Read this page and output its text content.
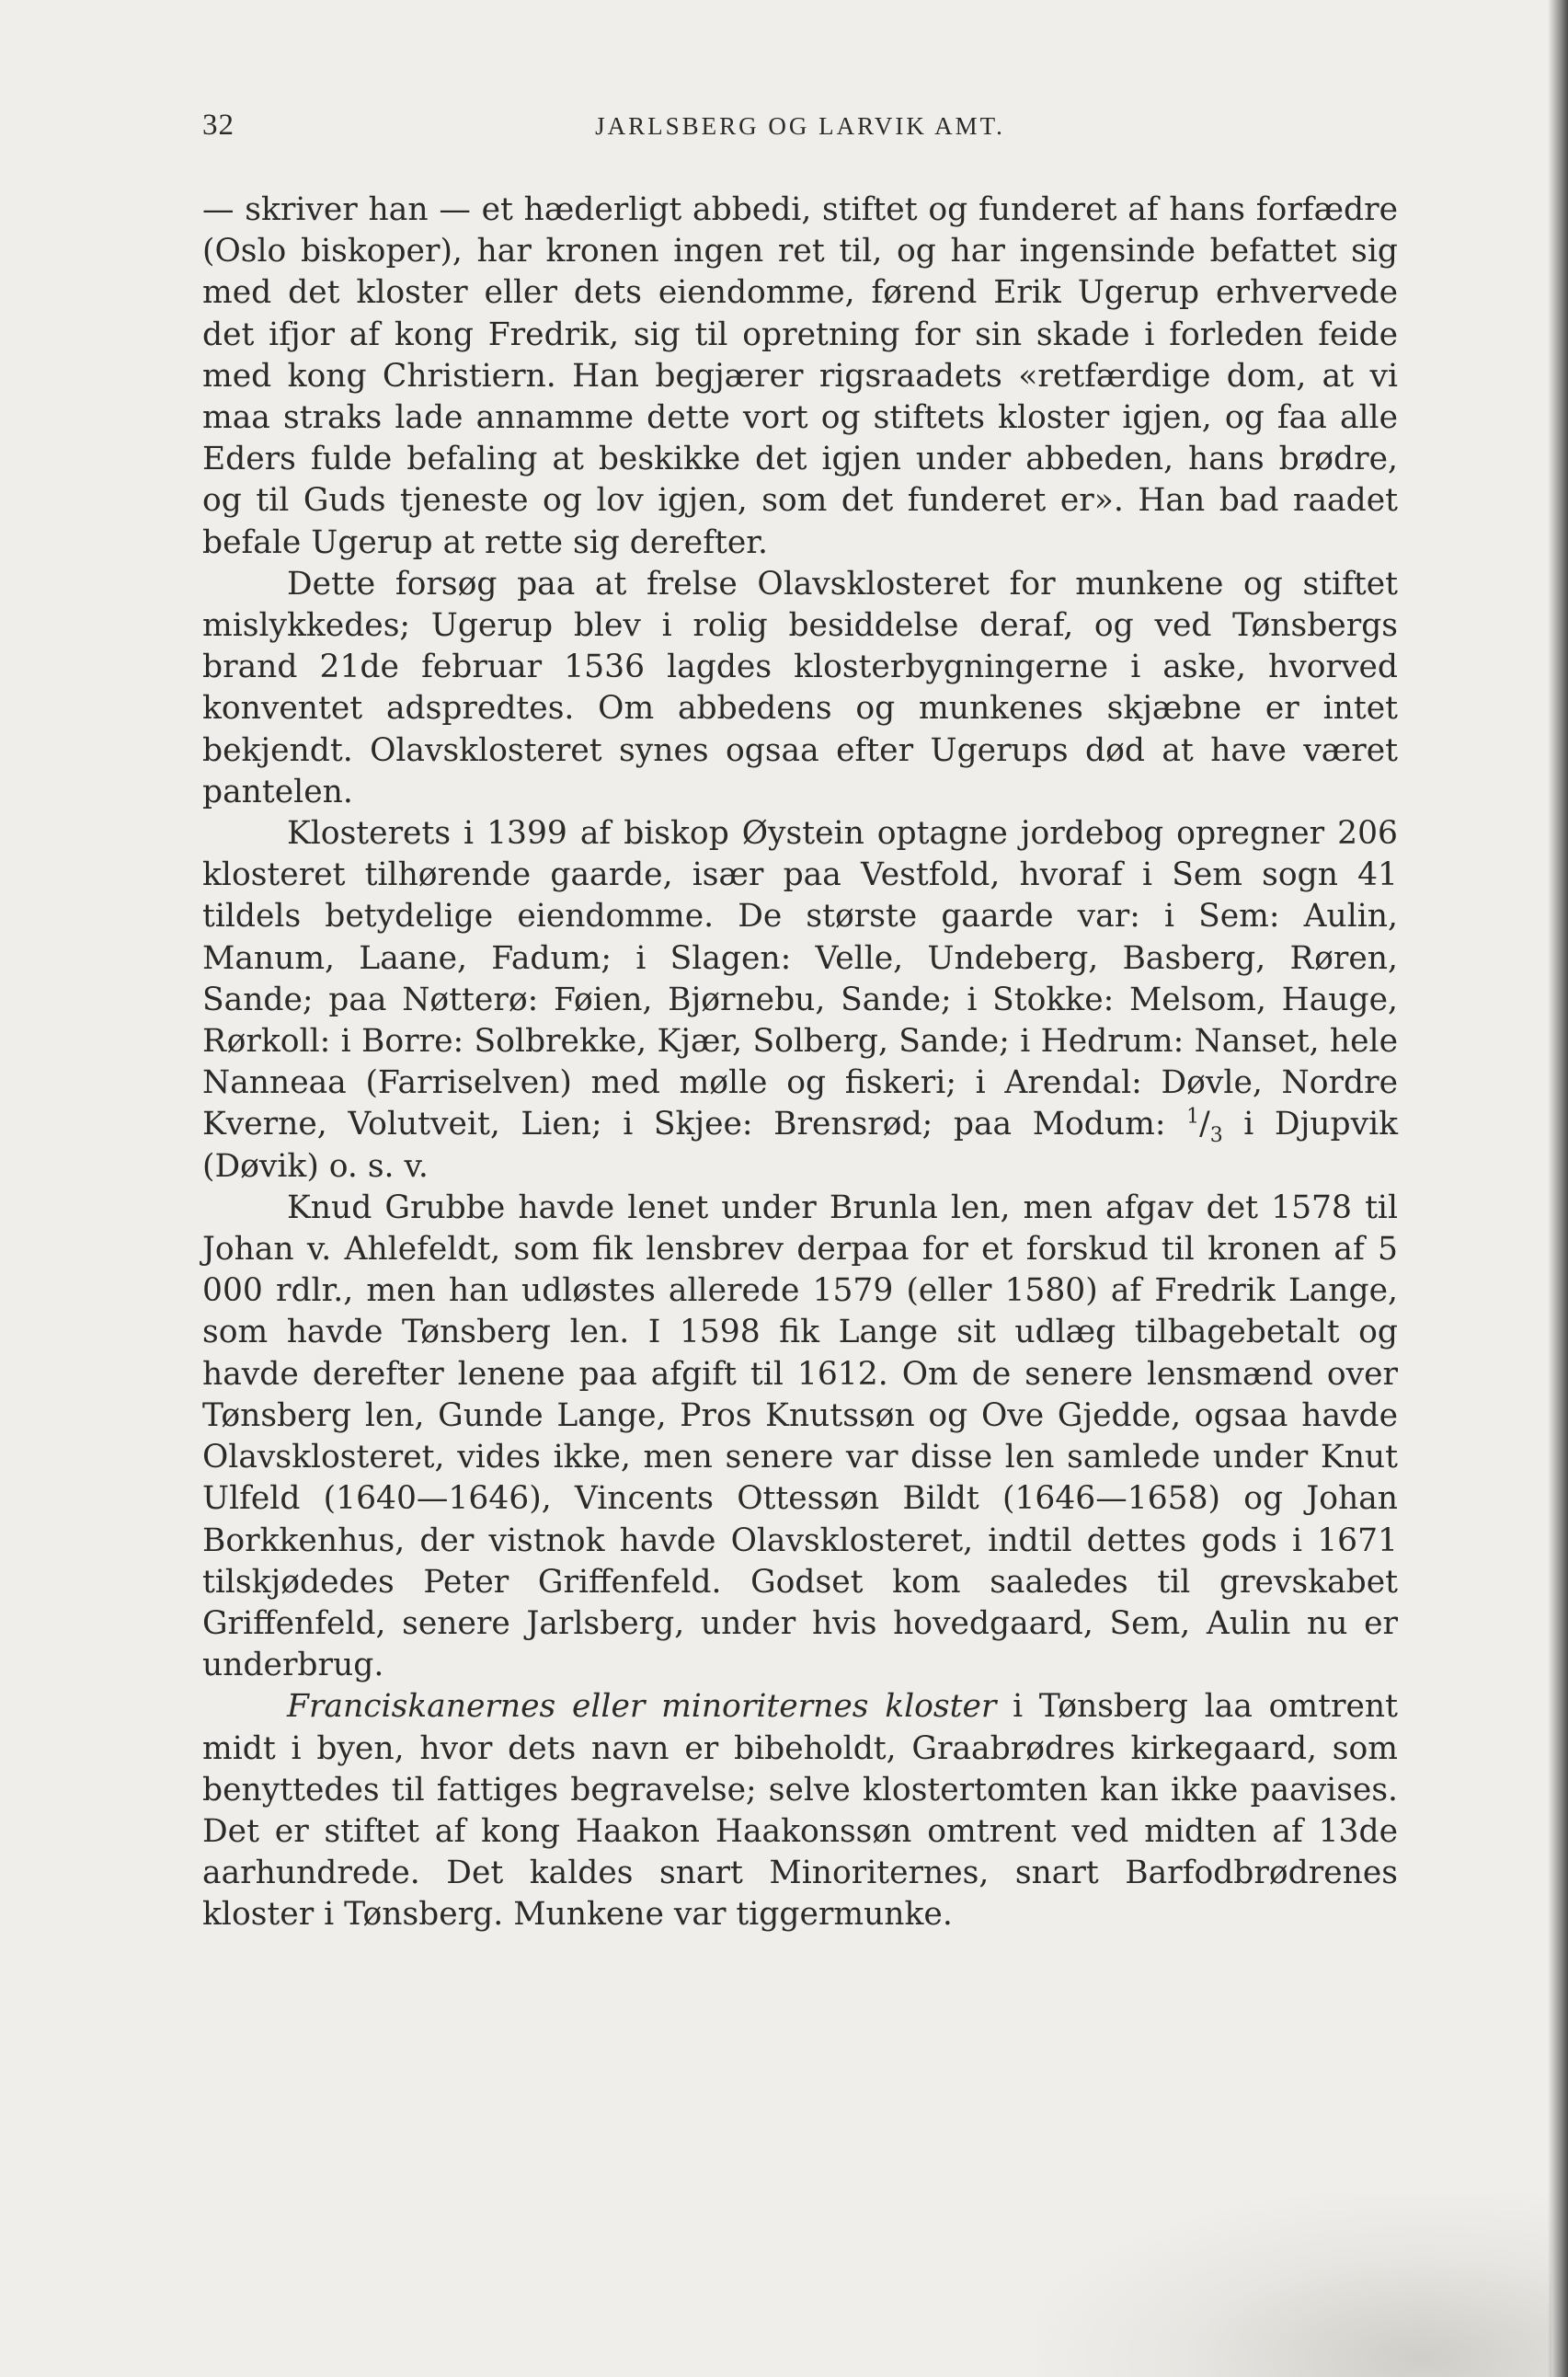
32	JARLSBERG OG LARVIK AMT.

— skriver han — et hæderligt abbedi, stiftet og funderet af hans forfædre (Oslo biskoper), har kronen ingen ret til, og har ingensinde befattet sig med det kloster eller dets eiendomme, førend Erik Ugerup erhvervede det ifjor af kong Fredrik, sig til opretning for sin skade i forleden feide med kong Christiern. Han begjærer rigsraadets «retfærdige dom, at vi maa straks lade annamme dette vort og stiftets kloster igjen, og faa alle Eders fulde befaling at beskikke det igjen under abbeden, hans brødre, og til Guds tjeneste og lov igjen, som det funderet er». Han bad raadet befale Ugerup at rette sig derefter.

Dette forsøg paa at frelse Olavsklosteret for munkene og stiftet mislykkedes; Ugerup blev i rolig besiddelse deraf, og ved Tønsbergs brand 21de februar 1536 lagdes klosterbygningerne i aske, hvorved konventet adspredtes. Om abbedens og munkenes skjæbne er intet bekjendt. Olavsklosteret synes ogsaa efter Ugerups død at have været pantelen.

Klosterets i 1399 af biskop Øystein optagne jordebog opregner 206 klosteret tilhørende gaarde, især paa Vestfold, hvoraf i Sem sogn 41 tildels betydelige eiendomme. De største gaarde var: i Sem: Aulin, Manum, Laane, Fadum; i Slagen: Velle, Undeberg, Basberg, Røren, Sande; paa Nøtterø: Føien, Bjørnebu, Sande; i Stokke: Melsom, Hauge, Rørkoll: i Borre: Solbrekke, Kjær, Solberg, Sande; i Hedrum: Nanset, hele Nanneaa (Farriselven) med mølle og fiskeri; i Arendal: Døvle, Nordre Kverne, Volutveit, Lien; i Skjee: Brensrød; paa Modum: $^1/_3$ i Djupvik (Døvik) o. s. v.

Knud Grubbe havde lenet under Brunla len, men afgav det 1578 til Johan v. Ahlefeldt, som fik lensbrev derpaa for et forskud til kronen af 5 000 rdlr., men han udløstes allerede 1579 (eller 1580) af Fredrik Lange, som havde Tønsberg len. I 1598 fik Lange sit udlæg tilbagebetalt og havde derefter lenene paa afgift til 1612. Om de senere lensmænd over Tønsberg len, Gunde Lange, Pros Knutssøn og Ove Gjedde, ogsaa havde Olavsklosteret, vides ikke, men senere var disse len samlede under Knut Ulfeld (1640—1646), Vincents Ottessøn Bildt (1646—1658) og Johan Borkkenhus, der vistnok havde Olavsklosteret, indtil dettes gods i 1671 tilskjødedes Peter Griffenfeld. Godset kom saaledes til grevskabet Griffenfeld, senere Jarlsberg, under hvis hovedgaard, Sem, Aulin nu er underbrug.

Franciskanernes eller minoriternes kloster i Tønsberg laa omtrent midt i byen, hvor dets navn er bibeholdt, Graabrødres kirkegaard, som benyttedes til fattiges begravelse; selve klostertomten kan ikke paavises. Det er stiftet af kong Haakon Haakonssøn omtrent ved midten af 13de aarhundrede. Det kaldes snart Minoriternes, snart Barfodbrødrenes kloster i Tønsberg. Munkene var tiggermunke.
